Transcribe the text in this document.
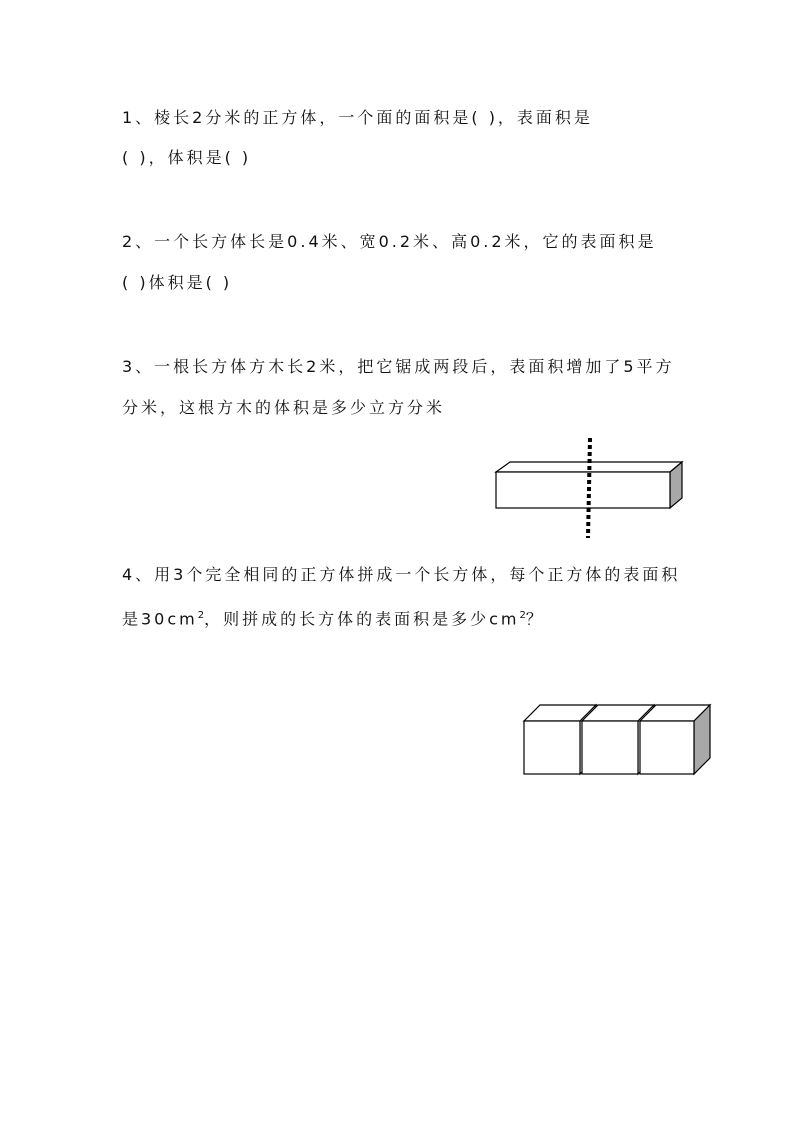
1、棱长2分米的正方体，一个面的面积是( )，表面积是
( )，体积是( )
2、一个长方体长是0.4米、宽0.2米、高0.2米，它的表面积是
( )体积是( )
3、一根长方体方木长2米，把它锯成两段后，表面积增加了5平方
分米，这根方木的体积是多少立方分米
4、用3个完全相同的正方体拼成一个长方体，每个正方体的表面积
是$30cm^2$，则拼成的长方体的表面积是多少$cm^2$？
